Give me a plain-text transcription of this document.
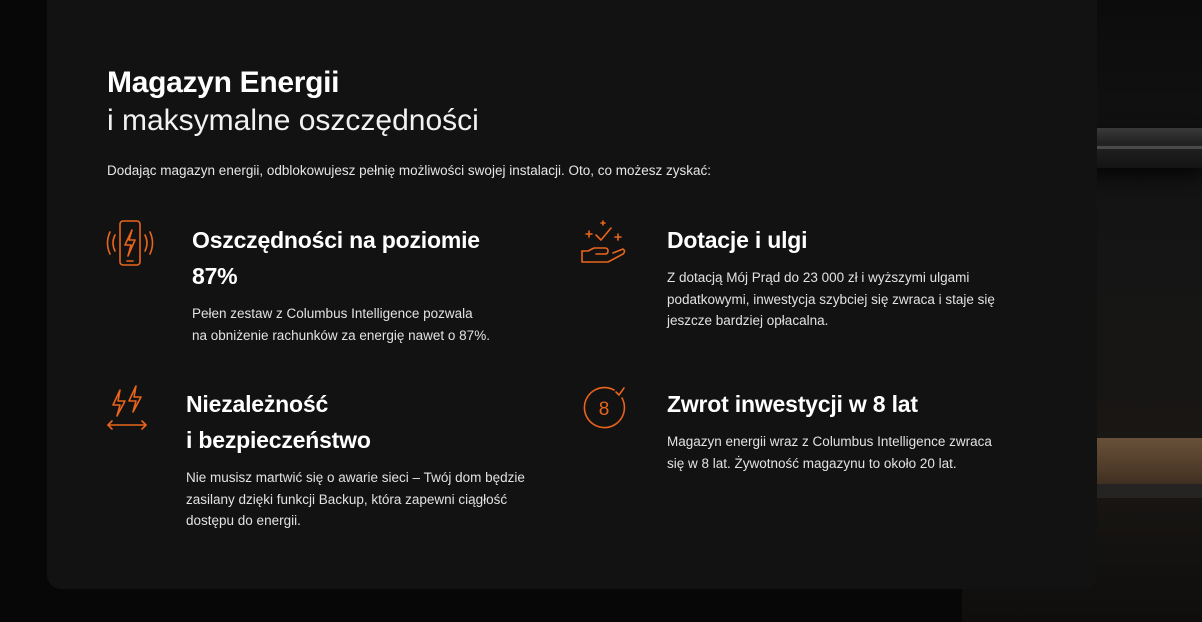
Magazyn Energii
i maksymalne oszczędności
Dodając magazyn energii, odblokowujesz pełnię możliwości swojej instalacji. Oto, co możesz zyskać:
Oszczędności na poziomie
87%
Pełen zestaw z Columbus Intelligence pozwala
na obniżenie rachunków za energię nawet o 87%.
Dotacje i ulgi
Z dotacją Mój Prąd do 23 000 zł i wyższymi ulgami
podatkowymi, inwestycja szybciej się zwraca i staje się
jeszcze bardziej opłacalna.
Niezależność
i bezpieczeństwo
Nie musisz martwić się o awarie sieci – Twój dom będzie
zasilany dzięki funkcji Backup, która zapewni ciągłość
dostępu do energii.
8	Zwrot inwestycji w 8 lat
Magazyn energii wraz z Columbus Intelligence zwraca
się w 8 lat. Żywotność magazynu to około 20 lat.
